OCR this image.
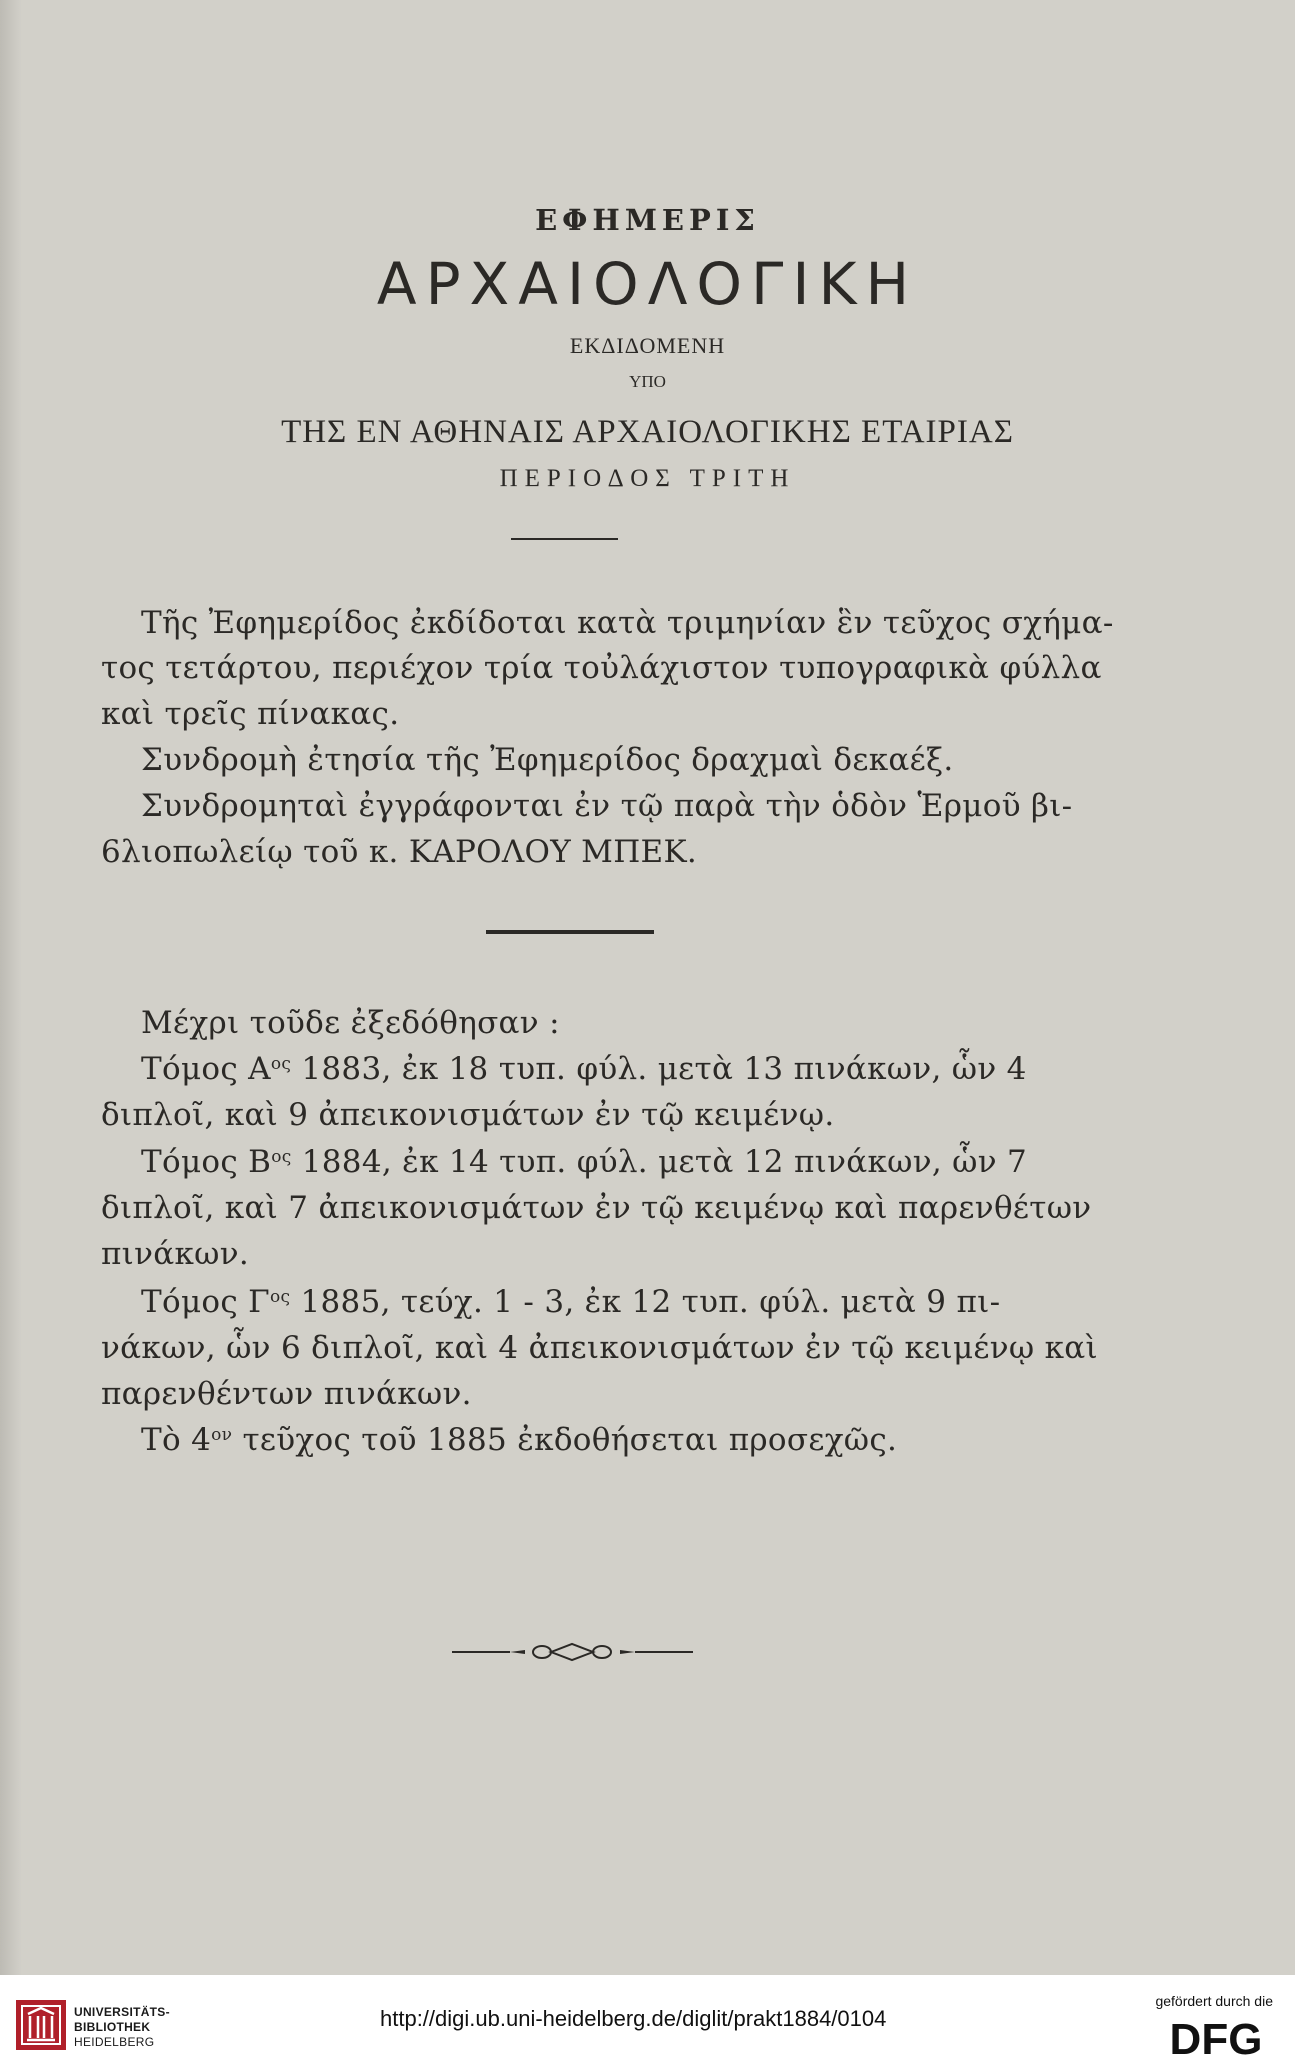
ΕΦΗΜΕΡΙΣ
ΑΡΧΑΙΟΛΟΓΙΚΗ
ΕΚΔΙΔΟΜΕΝΗ
ΥΠΟ
ΤΗΣ ΕΝ ΑΘΗΝΑΙΣ ΑΡΧΑΙΟΛΟΓΙΚΗΣ ΕΤΑΙΡΙΑΣ
ΠΕΡΙΟΔΟΣ ΤΡΙΤΗ
Τῆς Ἐφημερίδος ἐκδίδοται κατὰ τριμηνίαν ἓν τεῦχος σχήμα-
τος τετάρτου, περιέχον τρία τοὐλάχιστον τυπογραφικὰ φύλλα
καὶ τρεῖς πίνακας.
Συνδρομὴ ἐτησία τῆς Ἐφημερίδος δραχμαὶ δεκαέξ.
Συνδρομηταὶ ἐγγράφονται ἐν τῷ παρὰ τὴν ὁδὸν Ἑρμοῦ βι-
6λιοπωλείῳ τοῦ κ. ΚΑΡΟΛΟΥ ΜΠΕΚ.
Μέχρι τοῦδε ἐξεδόθησαν :
Τόμος $A^{o\varsigma}$ 1883, ἐκ 18 τυπ. φύλ. μετὰ 13 πινάκων, ὧν 4
διπλοῖ, καὶ 9 ἀπεικονισμάτων ἐν τῷ κειμένῳ.
Τόμος $B^{o\varsigma}$ 1884, ἐκ 14 τυπ. φύλ. μετὰ 12 πινάκων, ὧν 7
διπλοῖ, καὶ 7 ἀπεικονισμάτων ἐν τῷ κειμένῳ καὶ παρενθέτων
πινάκων.
Τόμος $\Gamma^{o\varsigma}$ 1885, τεύχ. 1 - 3, ἐκ 12 τυπ. φύλ. μετὰ 9 πι-
νάκων, ὧν 6 διπλοῖ, καὶ 4 ἀπεικονισμάτων ἐν τῷ κειμένῳ καὶ
παρενθέντων πινάκων.
Τὸ $4^{o\nu}$ τεῦχος τοῦ 1885 ἐκδοθήσεται προσεχῶς.
UNIVERSITÄTS-
BIBLIOTHEK
HEIDELBERG
http://digi.ub.uni-heidelberg.de/diglit/prakt1884/0104
gefördert durch die
DFG
